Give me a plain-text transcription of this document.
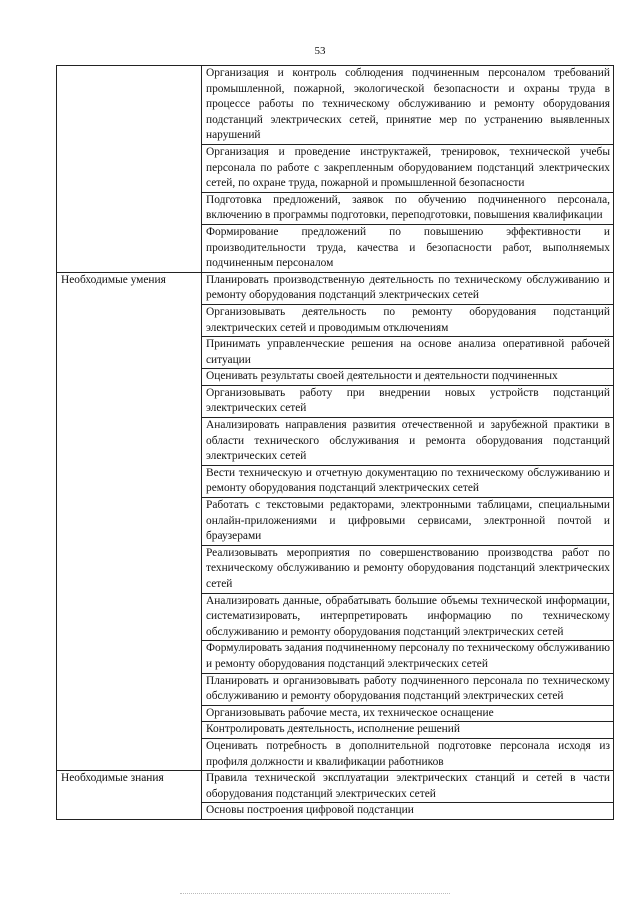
53
	Организация и контроль соблюдения подчиненным персоналом требований промышленной, пожарной, экологической безопасности и охраны труда в процессе работы по техническому обслуживанию и ремонту оборудования подстанций электрических сетей, принятие мер по устранению выявленных нарушений
	Организация и проведение инструктажей, тренировок, технической учебы персонала по работе с закрепленным оборудованием подстанций электрических сетей, по охране труда, пожарной и промышленной безопасности
	Подготовка предложений, заявок по обучению подчиненного персонала, включению в программы подготовки, переподготовки, повышения квалификации
	Формирование предложений по повышению эффективности и производительности труда, качества и безопасности работ, выполняемых подчиненным персоналом
Необходимые умения	Планировать производственную деятельность по техническому обслуживанию и ремонту оборудования подстанций электрических сетей
	Организовывать деятельность по ремонту оборудования подстанций электрических сетей и проводимым отключениям
	Принимать управленческие решения на основе анализа оперативной рабочей ситуации
	Оценивать результаты своей деятельности и деятельности подчиненных
	Организовывать работу при внедрении новых устройств подстанций электрических сетей
	Анализировать направления развития отечественной и зарубежной практики в области технического обслуживания и ремонта оборудования подстанций электрических сетей
	Вести техническую и отчетную документацию по техническому обслуживанию и ремонту оборудования подстанций электрических сетей
	Работать с текстовыми редакторами, электронными таблицами, специальными онлайн-приложениями и цифровыми сервисами, электронной почтой и браузерами
	Реализовывать мероприятия по совершенствованию производства работ по техническому обслуживанию и ремонту оборудования подстанций электрических сетей
	Анализировать данные, обрабатывать большие объемы технической информации, систематизировать, интерпретировать информацию по техническому обслуживанию и ремонту оборудования подстанций электрических сетей
	Формулировать задания подчиненному персоналу по техническому обслуживанию и ремонту оборудования подстанций электрических сетей
	Планировать и организовывать работу подчиненного персонала по техническому обслуживанию и ремонту оборудования подстанций электрических сетей
	Организовывать рабочие места, их техническое оснащение
	Контролировать деятельность, исполнение решений
	Оценивать потребность в дополнительной подготовке персонала исходя из профиля должности и квалификации работников
Необходимые знания	Правила технической эксплуатации электрических станций и сетей в части оборудования подстанций электрических сетей
	Основы построения цифровой подстанции
